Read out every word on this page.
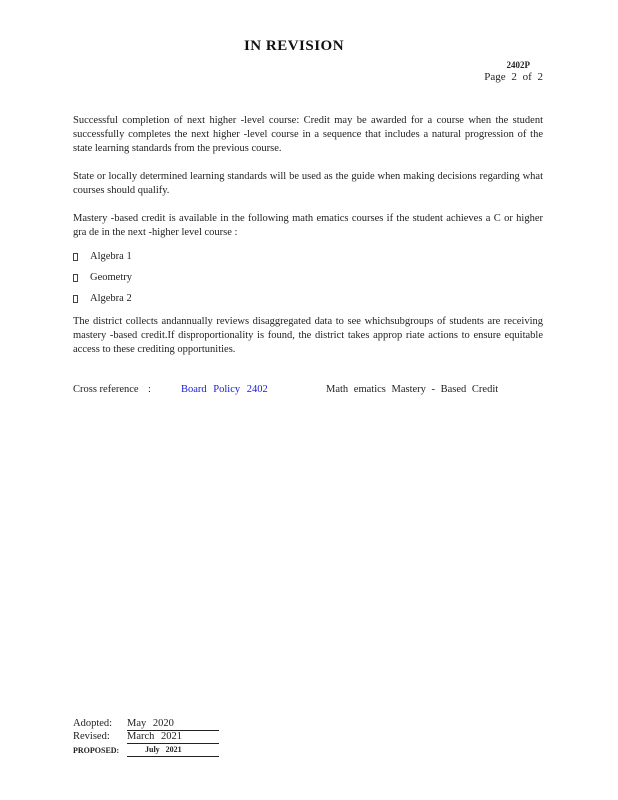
IN REVISION
2402P
Page 2 of 2

Successful completion of next higher -level course: Credit may be awarded for a course when the student successfully completes the next higher -level course in a sequence that includes a natural progression of the state learning standards from the previous course.

State or locally determined learning standards will be used as the guide when making decisions regarding what courses should qualify.

Mastery -based credit is available in the following math ematics courses if the student achieves a C or higher gra de in the next -higher level course :

Algebra 1
Geometry
Algebra 2

The district collects andannually reviews disaggregated data to see whichsubgroups of students are receiving mastery -based credit.If disproportionality is found, the district takes approp riate actions to ensure equitable access to these crediting opportunities.

Cross reference :	Board Policy 2402	Math ematics Mastery - Based Credit
Adopted: May 2020
Revised: March 2021
PROPOSED:	July 2021
